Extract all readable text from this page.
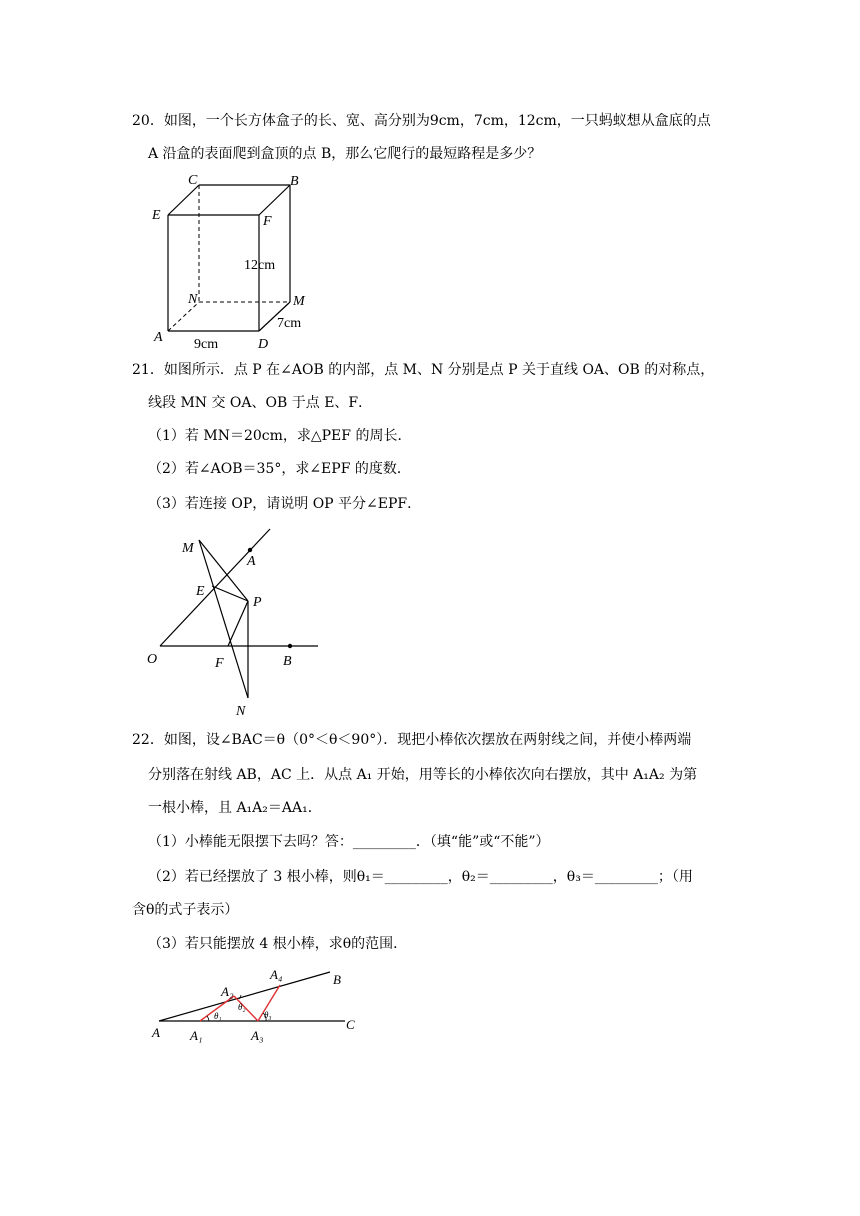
20．如图，一个长方体盒子的长、宽、高分别为9cm，7cm，12cm，一只蚂蚁想从盒底的点
A 沿盒的表面爬到盒顶的点 B，那么它爬行的最短路程是多少？
C	B
E	F
N	M
A	D
12cm
7cm
9cm
21．如图所示．点 P 在∠AOB 的内部，点 M、N 分别是点 P 关于直线 OA、OB 的对称点，
线段 MN 交 OA、OB 于点 E、F．
（1）若 MN＝20cm，求△PEF 的周长．
（2）若∠AOB＝35°，求∠EPF 的度数．
（3）若连接 OP，请说明 OP 平分∠EPF．
M
A
E
P
O	F	B
N
22．如图，设∠BAC＝θ（0°＜θ＜90°）．现把小棒依次摆放在两射线之间，并使小棒两端
分别落在射线 AB，AC 上．从点 A₁ 开始，用等长的小棒依次向右摆放，其中 A₁A₂ 为第
一根小棒，且 A₁A₂＝AA₁．
（1）小棒能无限摆下去吗？答：_________．（填“能”或“不能”）
（2）若已经摆放了 3 根小棒，则θ₁＝_________，θ₂＝_________，θ₃＝_________；（用
含θ的式子表示）
（3）若只能摆放 4 根小棒，求θ的范围．
A
B
C
A₁
A₂
A₃
A₄
θ₁
θ₂
θ₃
